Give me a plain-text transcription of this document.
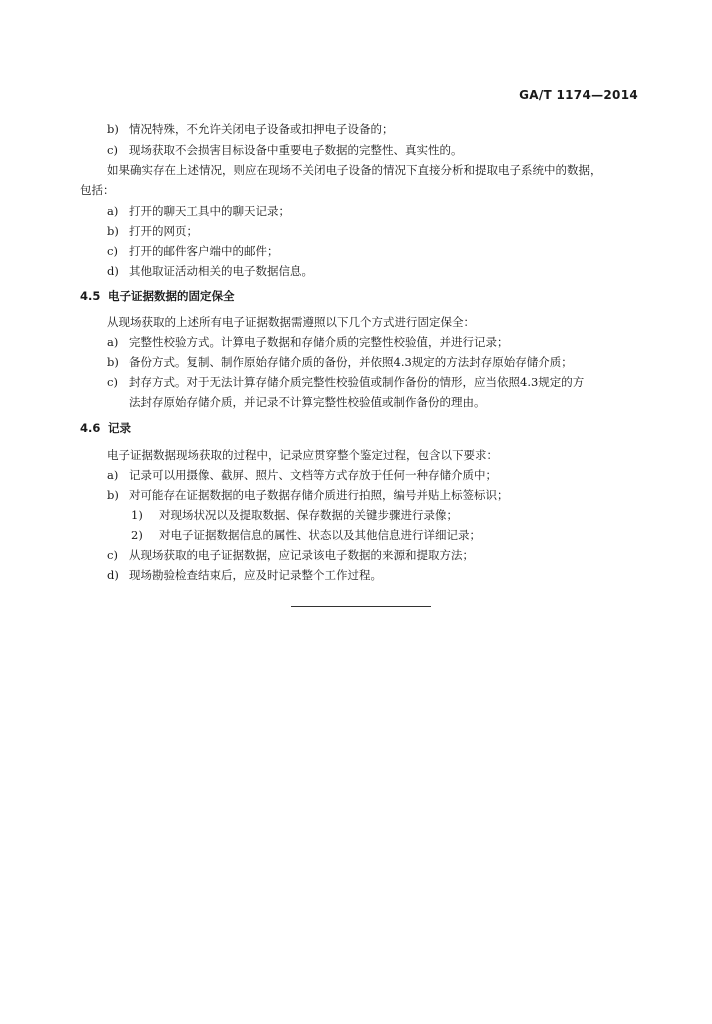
GA/T 1174—2014
b) 情况特殊，不允许关闭电子设备或扣押电子设备的；
c) 现场获取不会损害目标设备中重要电子数据的完整性、真实性的。
如果确实存在上述情况，则应在现场不关闭电子设备的情况下直接分析和提取电子系统中的数据，
包括：
a) 打开的聊天工具中的聊天记录；
b) 打开的网页；
c) 打开的邮件客户端中的邮件；
d) 其他取证活动相关的电子数据信息。
4.5 电子证据数据的固定保全
从现场获取的上述所有电子证据数据需遵照以下几个方式进行固定保全：
a) 完整性校验方式。计算电子数据和存储介质的完整性校验值，并进行记录；
b) 备份方式。复制、制作原始存储介质的备份，并依照4.3规定的方法封存原始存储介质；
c) 封存方式。对于无法计算存储介质完整性校验值或制作备份的情形，应当依照4.3规定的方
法封存原始存储介质，并记录不计算完整性校验值或制作备份的理由。
4.6 记录
电子证据数据现场获取的过程中，记录应贯穿整个鉴定过程，包含以下要求：
a) 记录可以用摄像、截屏、照片、文档等方式存放于任何一种存储介质中；
b) 对可能存在证据数据的电子数据存储介质进行拍照，编号并贴上标签标识；
1) 对现场状况以及提取数据、保存数据的关键步骤进行录像；
2) 对电子证据数据信息的属性、状态以及其他信息进行详细记录；
c) 从现场获取的电子证据数据，应记录该电子数据的来源和提取方法；
d) 现场勘验检查结束后，应及时记录整个工作过程。
